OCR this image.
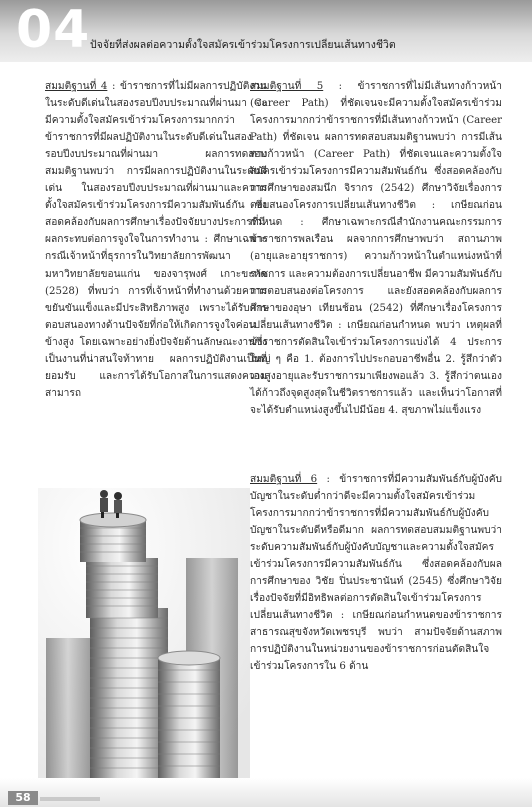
04 ปัจจัยที่ส่งผลต่อความตั้งใจสมัครเข้าร่วมโครงการเปลี่ยนเส้นทางชีวิต

สมมติฐานที่ 4 : ข้าราชการที่ไม่มีผลการปฏิบัติงานในระดับดีเด่นในสองรอบปีงบประมาณที่ผ่านมา จะมีความตั้งใจสมัครเข้าร่วมโครงการมากกว่าข้าราชการที่มีผลปฏิบัติงานในระดับดีเด่นในสองรอบปีงบประมาณที่ผ่านมา ผลการทดสอบสมมติฐานพบว่า การมีผลการปฏิบัติงานในระดับดีเด่น ในสองรอบปีงบประมาณที่ผ่านมาและความตั้งใจสมัครเข้าร่วมโครงการมีความสัมพันธ์กัน ซึ่งสอดคล้องกับผลการศึกษาเรื่องปัจจัยบางประการที่มีผลกระทบต่อการจูงใจในการทำงาน : ศึกษาเฉพาะกรณีเจ้าหน้าที่ธุรการในวิทยาลัยการพัฒนามหาวิทยาลัยขอนแก่น ของจารุพงศ์ เกาะขะหัด (2528) ที่พบว่า การที่เจ้าหน้าที่ทำงานด้วยความขยันขันแข็งและมีประสิทธิภาพสูง เพราะได้รับการตอบสนองทางด้านปัจจัยที่ก่อให้เกิดการจูงใจค่อนข้างสูง โดยเฉพาะอย่างยิ่งปัจจัยด้านลักษณะงานซึ่งเป็นงานที่น่าสนใจท้าทาย ผลการปฏิบัติงานเป็นที่ยอมรับ และการได้รับโอกาสในการแสดงความสามารถ

สมมติฐานที่ 5 : ข้าราชการที่ไม่มีเส้นทางก้าวหน้า (Career Path) ที่ชัดเจนจะมีความตั้งใจสมัครเข้าร่วมโครงการมากกว่าข้าราชการที่มีเส้นทางก้าวหน้า (Career Path) ที่ชัดเจน ผลการทดสอบสมมติฐานพบว่า การมีเส้นทางก้าวหน้า (Career Path) ที่ชัดเจนและความตั้งใจสมัครเข้าร่วมโครงการมีความสัมพันธ์กัน ซึ่งสอดคล้องกับการศึกษาของสมนึก จิรากร (2542) ศึกษาวิจัยเรื่องการตอบสนองโครงการเปลี่ยนเส้นทางชีวิต : เกษียณก่อนกำหนด : ศึกษาเฉพาะกรณีสำนักงานคณะกรรมการข้าราชการพลเรือน ผลจากการศึกษาพบว่า สถานภาพ (อายุและอายุราชการ) ความก้าวหน้าในตำแหน่งหน้าที่ราชการ และความต้องการเปลี่ยนอาชีพ มีความสัมพันธ์กับการตอบสนองต่อโครงการ และยังสอดคล้องกับผลการศึกษาของอุษา เทียนช้อน (2542) ที่ศึกษาเรื่องโครงการเปลี่ยนเส้นทางชีวิต : เกษียณก่อนกำหนด พบว่า เหตุผลที่ข้าราชการตัดสินใจเข้าร่วมโครงการแบ่งได้ 4 ประการใหญ่ ๆ คือ 1. ต้องการไปประกอบอาชีพอื่น 2. รู้สึกว่าตัวเองสูงอายุและรับราชการมาเพียงพอแล้ว 3. รู้สึกว่าตนเองได้ก้าวถึงจุดสูงสุดในชีวิตราชการแล้ว และเห็นว่าโอกาสที่จะได้รับตำแหน่งสูงขึ้นไปมีน้อย 4. สุขภาพไม่แข็งแรง

สมมติฐานที่ 6 : ข้าราชการที่มีความสัมพันธ์กับผู้บังคับบัญชาในระดับต่ำกว่าดีจะมีความตั้งใจสมัครเข้าร่วมโครงการมากกว่าข้าราชการที่มีความสัมพันธ์กับผู้บังคับบัญชาในระดับดีหรือดีมาก ผลการทดสอบสมมติฐานพบว่า ระดับความสัมพันธ์กับผู้บังคับบัญชาและความตั้งใจสมัครเข้าร่วมโครงการมีความสัมพันธ์กัน ซึ่งสอดคล้องกับผลการศึกษาของ วิชัย ปิ่นประชานันท์ (2545) ซึ่งศึกษาวิจัยเรื่องปัจจัยที่มีอิทธิพลต่อการตัดสินใจเข้าร่วมโครงการเปลี่ยนเส้นทางชีวิต : เกษียณก่อนกำหนดของข้าราชการสาธารณสุขจังหวัดเพชรบุรี พบว่า สามปัจจัยด้านสภาพการปฏิบัติงานในหน่วยงานของข้าราชการก่อนตัดสินใจเข้าร่วมโครงการใน 6 ด้าน

58
